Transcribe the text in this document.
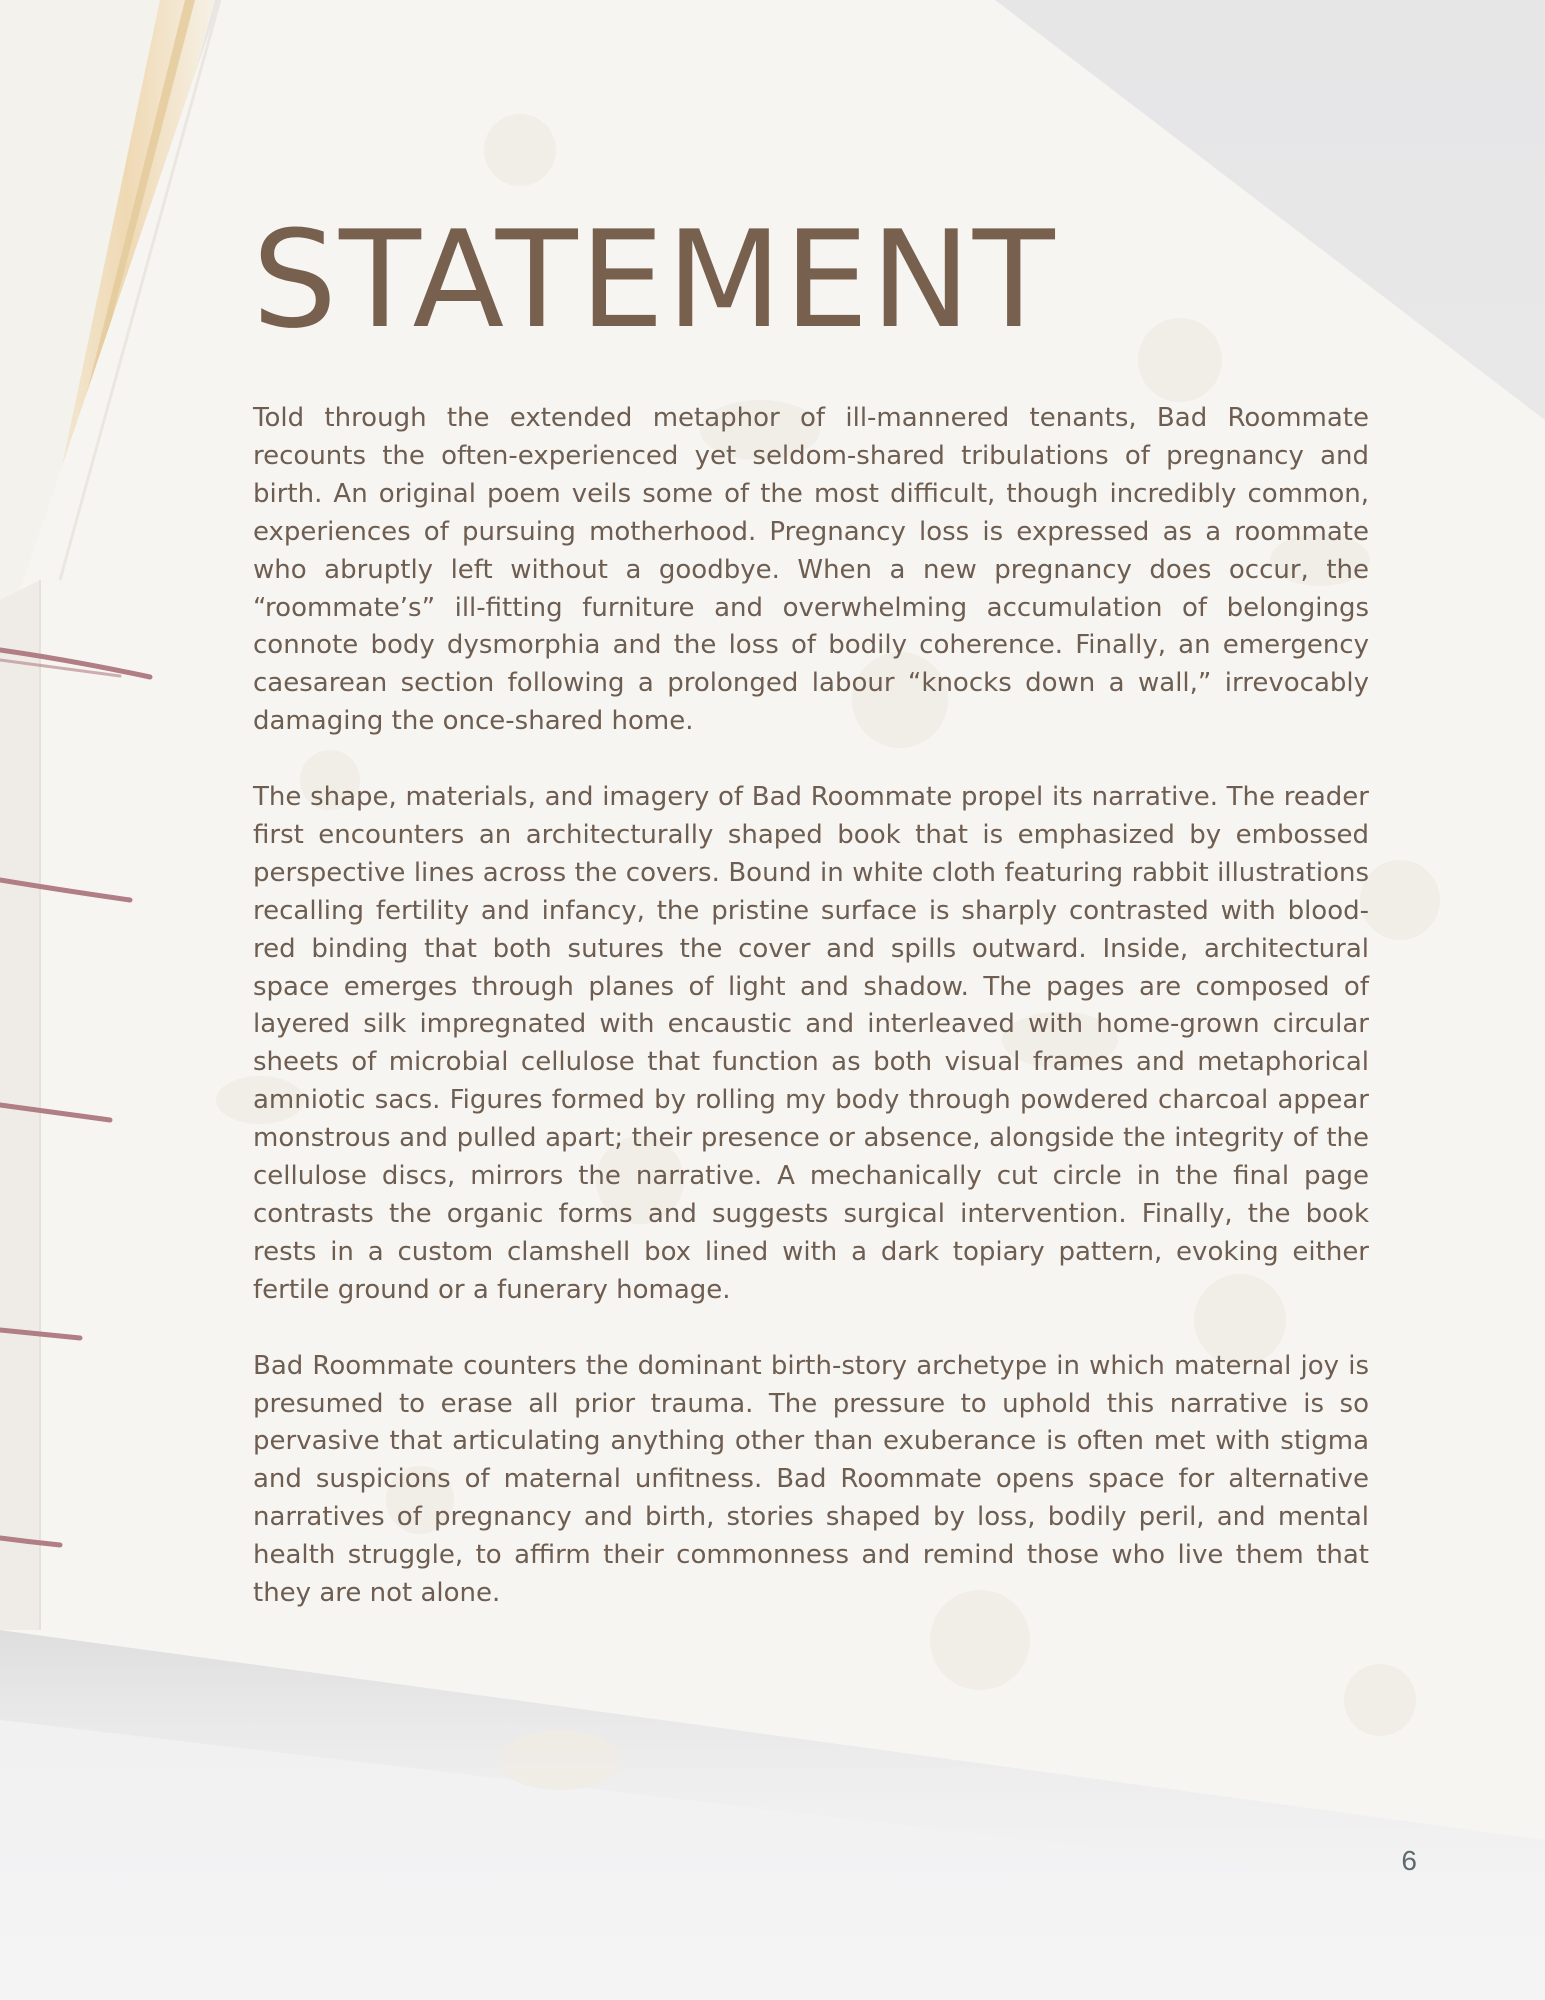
STATEMENT

Told through the extended metaphor of ill-mannered tenants, Bad Roommate recounts the often-experienced yet seldom-shared tribulations of pregnancy and birth. An original poem veils some of the most difficult, though incredibly common, experiences of pursuing motherhood. Pregnancy loss is expressed as a roommate who abruptly left without a goodbye. When a new pregnancy does occur, the “roommate’s” ill-fitting furniture and overwhelming accumulation of belongings connote body dysmorphia and the loss of bodily coherence. Finally, an emergency caesarean section following a prolonged labour “knocks down a wall,” irrevocably damaging the once-shared home.

The shape, materials, and imagery of Bad Roommate propel its narrative. The reader first encounters an architecturally shaped book that is emphasized by embossed perspective lines across the covers. Bound in white cloth featuring rabbit illustrations recalling fertility and infancy, the pristine surface is sharply contrasted with blood-red binding that both sutures the cover and spills outward. Inside, architectural space emerges through planes of light and shadow. The pages are composed of layered silk impregnated with encaustic and interleaved with home-grown circular sheets of microbial cellulose that function as both visual frames and metaphorical amniotic sacs. Figures formed by rolling my body through powdered charcoal appear monstrous and pulled apart; their presence or absence, alongside the integrity of the cellulose discs, mirrors the narrative. A mechanically cut circle in the final page contrasts the organic forms and suggests surgical intervention. Finally, the book rests in a custom clamshell box lined with a dark topiary pattern, evoking either fertile ground or a funerary homage.

Bad Roommate counters the dominant birth-story archetype in which maternal joy is presumed to erase all prior trauma. The pressure to uphold this narrative is so pervasive that articulating anything other than exuberance is often met with stigma and suspicions of maternal unfitness. Bad Roommate opens space for alternative narratives of pregnancy and birth, stories shaped by loss, bodily peril, and mental health struggle, to affirm their commonness and remind those who live them that they are not alone.

6
